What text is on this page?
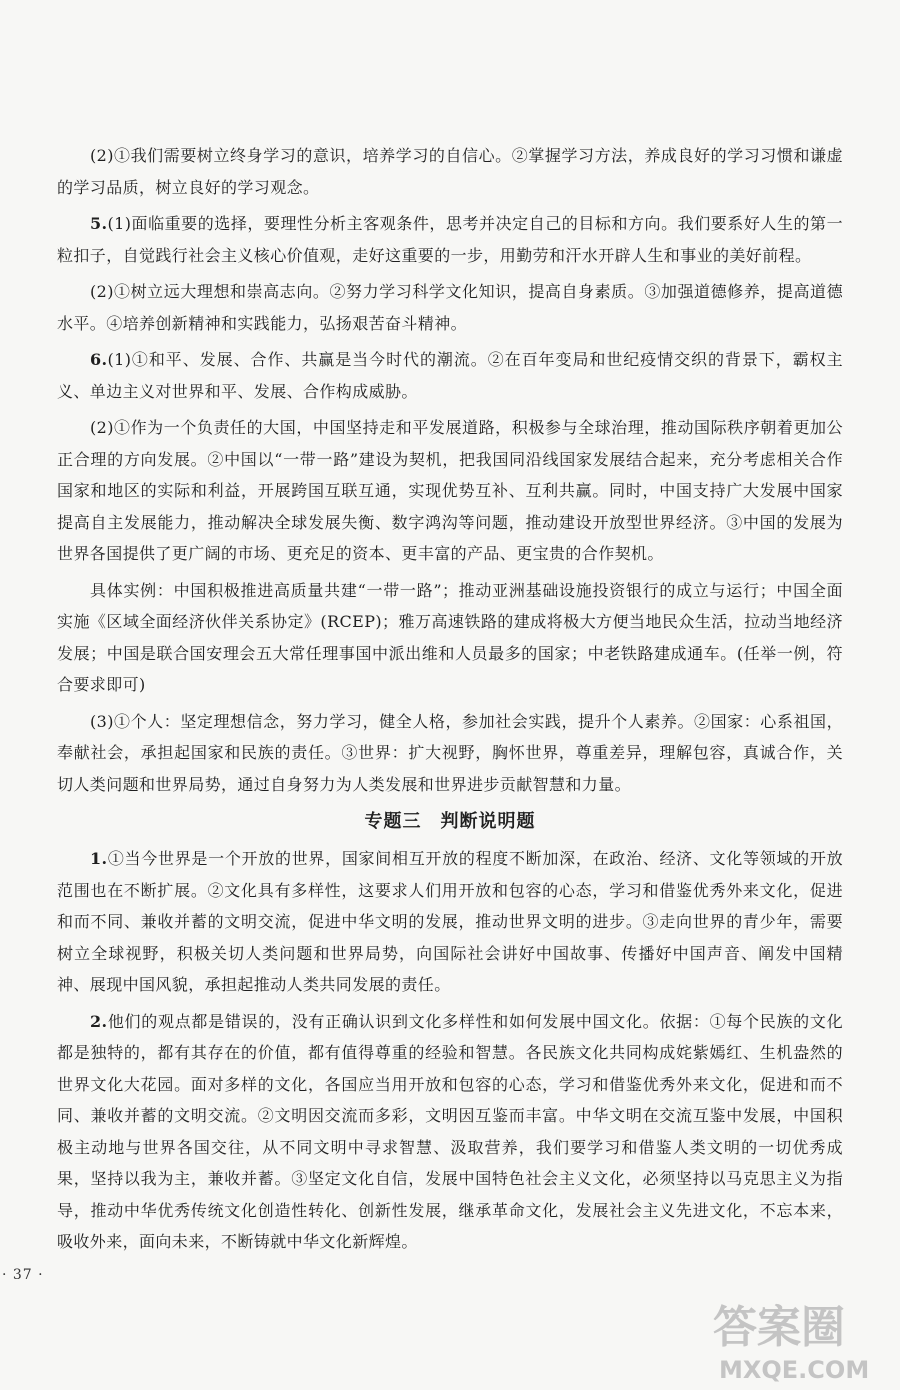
(2)①我们需要树立终身学习的意识，培养学习的自信心。②掌握学习方法，养成良好的学习习惯和谦虚的学习品质，树立良好的学习观念。

5.(1)面临重要的选择，要理性分析主客观条件，思考并决定自己的目标和方向。我们要系好人生的第一粒扣子，自觉践行社会主义核心价值观，走好这重要的一步，用勤劳和汗水开辟人生和事业的美好前程。

(2)①树立远大理想和崇高志向。②努力学习科学文化知识，提高自身素质。③加强道德修养，提高道德水平。④培养创新精神和实践能力，弘扬艰苦奋斗精神。

6.(1)①和平、发展、合作、共赢是当今时代的潮流。②在百年变局和世纪疫情交织的背景下，霸权主义、单边主义对世界和平、发展、合作构成威胁。

(2)①作为一个负责任的大国，中国坚持走和平发展道路，积极参与全球治理，推动国际秩序朝着更加公正合理的方向发展。②中国以“一带一路”建设为契机，把我国同沿线国家发展结合起来，充分考虑相关合作国家和地区的实际和利益，开展跨国互联互通，实现优势互补、互利共赢。同时，中国支持广大发展中国家提高自主发展能力，推动解决全球发展失衡、数字鸿沟等问题，推动建设开放型世界经济。③中国的发展为世界各国提供了更广阔的市场、更充足的资本、更丰富的产品、更宝贵的合作契机。

具体实例：中国积极推进高质量共建“一带一路”；推动亚洲基础设施投资银行的成立与运行；中国全面实施《区域全面经济伙伴关系协定》(RCEP)；雅万高速铁路的建成将极大方便当地民众生活，拉动当地经济发展；中国是联合国安理会五大常任理事国中派出维和人员最多的国家；中老铁路建成通车。(任举一例，符合要求即可)

(3)①个人：坚定理想信念，努力学习，健全人格，参加社会实践，提升个人素养。②国家：心系祖国，奉献社会，承担起国家和民族的责任。③世界：扩大视野，胸怀世界，尊重差异，理解包容，真诚合作，关切人类问题和世界局势，通过自身努力为人类发展和世界进步贡献智慧和力量。

专题三　判断说明题

1.①当今世界是一个开放的世界，国家间相互开放的程度不断加深，在政治、经济、文化等领域的开放范围也在不断扩展。②文化具有多样性，这要求人们用开放和包容的心态，学习和借鉴优秀外来文化，促进和而不同、兼收并蓄的文明交流，促进中华文明的发展，推动世界文明的进步。③走向世界的青少年，需要树立全球视野，积极关切人类问题和世界局势，向国际社会讲好中国故事、传播好中国声音、阐发中国精神、展现中国风貌，承担起推动人类共同发展的责任。

2.他们的观点都是错误的，没有正确认识到文化多样性和如何发展中国文化。依据：①每个民族的文化都是独特的，都有其存在的价值，都有值得尊重的经验和智慧。各民族文化共同构成姹紫嫣红、生机盎然的世界文化大花园。面对多样的文化，各国应当用开放和包容的心态，学习和借鉴优秀外来文化，促进和而不同、兼收并蓄的文明交流。②文明因交流而多彩，文明因互鉴而丰富。中华文明在交流互鉴中发展，中国积极主动地与世界各国交往，从不同文明中寻求智慧、汲取营养，我们要学习和借鉴人类文明的一切优秀成果，坚持以我为主，兼收并蓄。③坚定文化自信，发展中国特色社会主义文化，必须坚持以马克思主义为指导，推动中华优秀传统文化创造性转化、创新性发展，继承革命文化，发展社会主义先进文化，不忘本来，吸收外来，面向未来，不断铸就中华文化新辉煌。

· 37 ·
答案圈
MXQE.COM
